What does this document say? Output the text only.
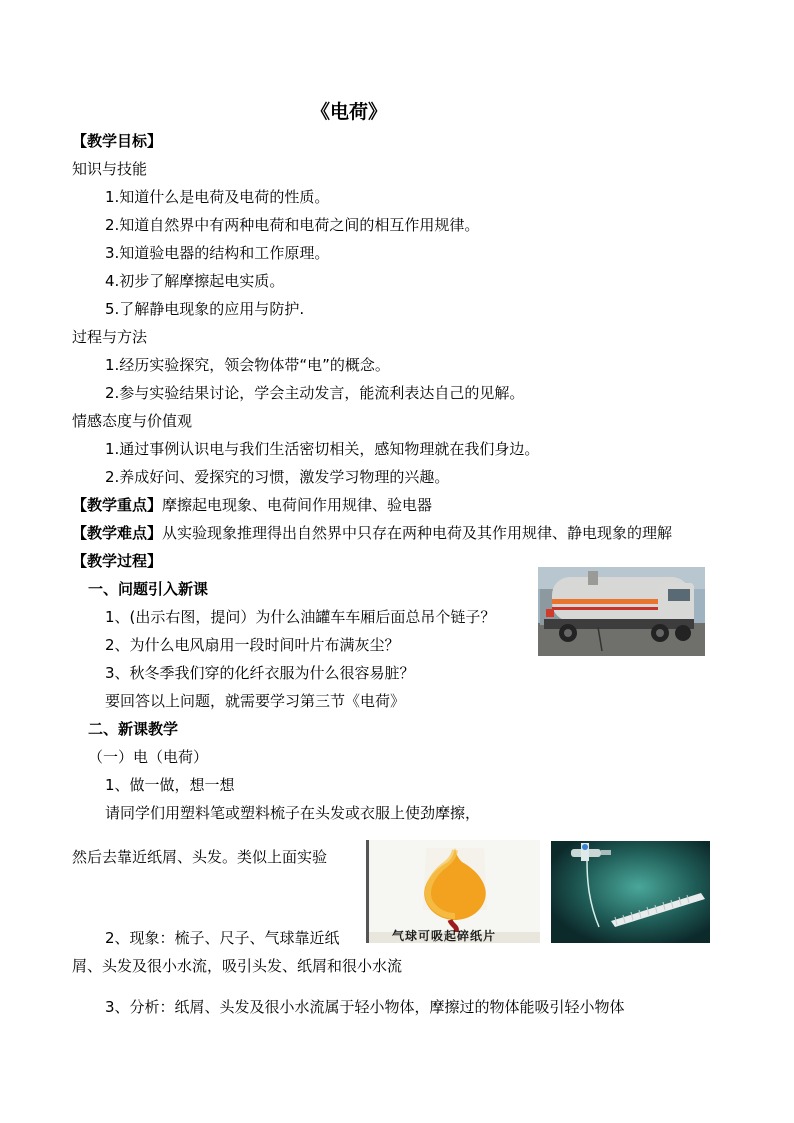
《电荷》
【教学目标】
知识与技能
1.知道什么是电荷及电荷的性质。
2.知道自然界中有两种电荷和电荷之间的相互作用规律。
3.知道验电器的结构和工作原理。
4.初步了解摩擦起电实质。
5.了解静电现象的应用与防护.
过程与方法
1.经历实验探究，领会物体带“电”的概念。
2.参与实验结果讨论，学会主动发言，能流利表达自己的见解。
情感态度与价值观
1.通过事例认识电与我们生活密切相关，感知物理就在我们身边。
2.养成好问、爱探究的习惯，激发学习物理的兴趣。
【教学重点】摩擦起电现象、电荷间作用规律、验电器
【教学难点】从实验现象推理得出自然界中只存在两种电荷及其作用规律、静电现象的理解
【教学过程】
一、问题引入新课
1、(出示右图，提问）为什么油罐车车厢后面总吊个链子？
2、为什么电风扇用一段时间叶片布满灰尘？
3、秋冬季我们穿的化纤衣服为什么很容易脏？
要回答以上问题，就需要学习第三节《电荷》
二、新课教学
（一）电（电荷）
1、做一做，想一想
请同学们用塑料笔或塑料梳子在头发或衣服上使劲摩擦，
然后去靠近纸屑、头发。类似上面实验
2、现象：梳子、尺子、气球靠近纸
屑、头发及很小水流，吸引头发、纸屑和很小水流
3、分析：纸屑、头发及很小水流属于轻小物体，摩擦过的物体能吸引轻小物体
气球可吸起碎纸片
